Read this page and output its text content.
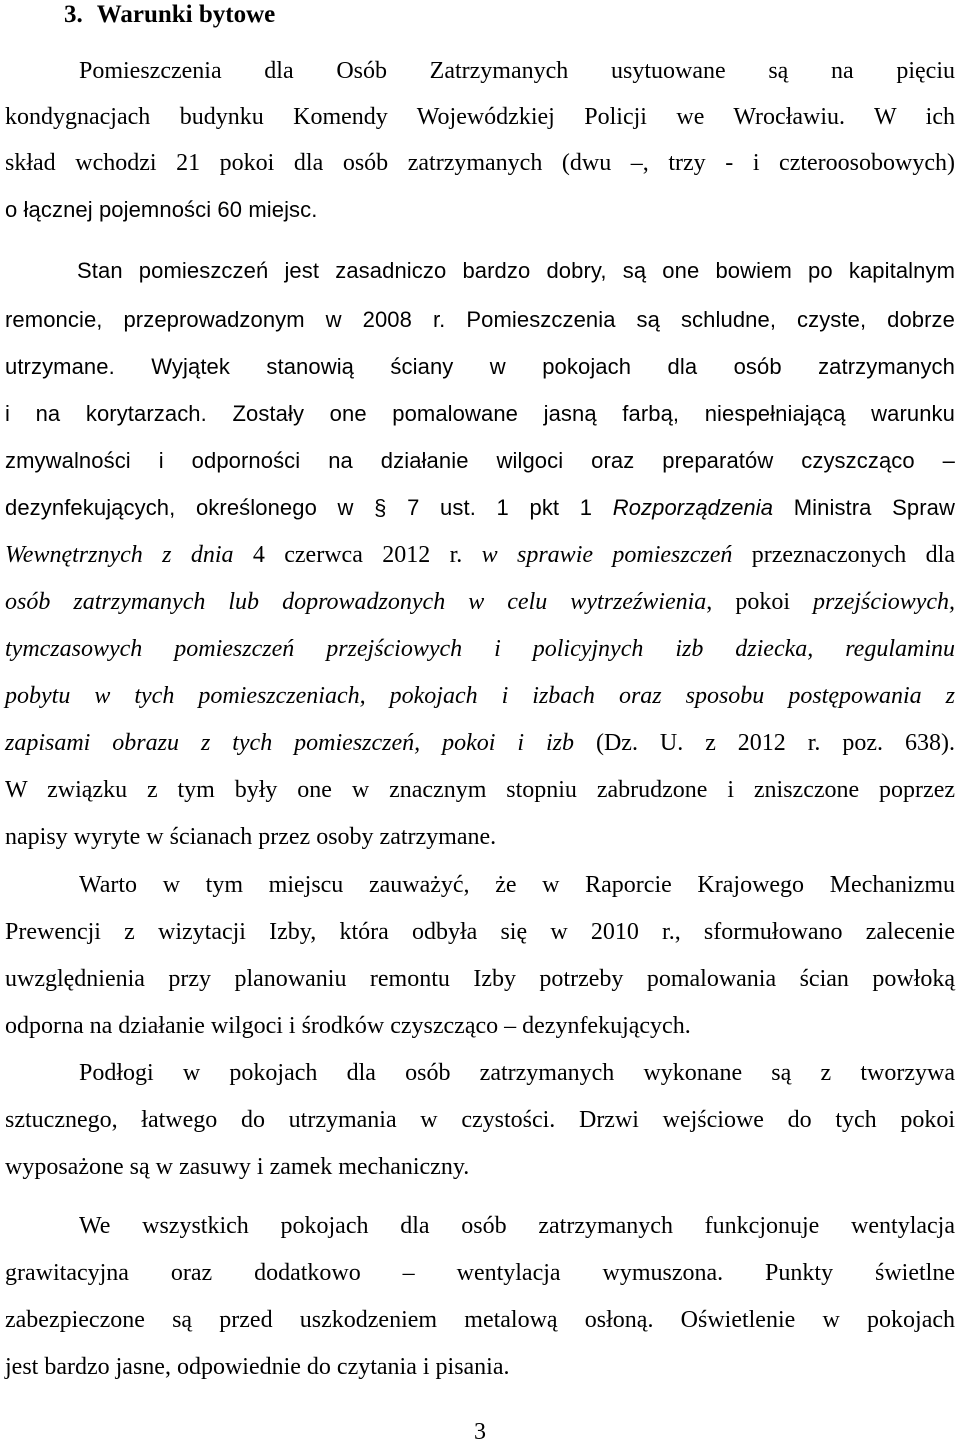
3. Warunki bytowe
Pomieszczenia dla Osób Zatrzymanych usytuowane są na pięciu
kondygnacjach budynku Komendy Wojewódzkiej Policji we Wrocławiu. W ich
skład wchodzi 21 pokoi dla osób zatrzymanych (dwu –, trzy - i czteroosobowych)
o łącznej pojemności 60 miejsc.
Stan pomieszczeń jest zasadniczo bardzo dobry, są one bowiem po kapitalnym
remoncie, przeprowadzonym w 2008 r. Pomieszczenia są schludne, czyste, dobrze
utrzymane. Wyjątek stanowią ściany w pokojach dla osób zatrzymanych
i na korytarzach. Zostały one pomalowane jasną farbą, niespełniającą warunku
zmywalności i odporności na działanie wilgoci oraz preparatów czyszcząco –
dezynfekujących, określonego w § 7 ust. 1 pkt 1 Rozporządzenia Ministra Spraw
Wewnętrznych z dnia 4 czerwca 2012 r. w sprawie pomieszczeń przeznaczonych dla
osób zatrzymanych lub doprowadzonych w celu wytrzeźwienia, pokoi przejściowych,
tymczasowych pomieszczeń przejściowych i policyjnych izb dziecka, regulaminu
pobytu w tych pomieszczeniach, pokojach i izbach oraz sposobu postępowania z
zapisami obrazu z tych pomieszczeń, pokoi i izb (Dz. U. z 2012 r. poz. 638).
W związku z tym były one w znacznym stopniu zabrudzone i zniszczone poprzez
napisy wyryte w ścianach przez osoby zatrzymane.
Warto w tym miejscu zauważyć, że w Raporcie Krajowego Mechanizmu
Prewencji z wizytacji Izby, która odbyła się w 2010 r., sformułowano zalecenie
uwzględnienia przy planowaniu remontu Izby potrzeby pomalowania ścian powłoką
odporna na działanie wilgoci i środków czyszcząco – dezynfekujących.
Podłogi w pokojach dla osób zatrzymanych wykonane są z tworzywa
sztucznego, łatwego do utrzymania w czystości. Drzwi wejściowe do tych pokoi
wyposażone są w zasuwy i zamek mechaniczny.
We wszystkich pokojach dla osób zatrzymanych funkcjonuje wentylacja
grawitacyjna oraz dodatkowo – wentylacja wymuszona. Punkty świetlne
zabezpieczone są przed uszkodzeniem metalową osłoną. Oświetlenie w pokojach
jest bardzo jasne, odpowiednie do czytania i pisania.
3
